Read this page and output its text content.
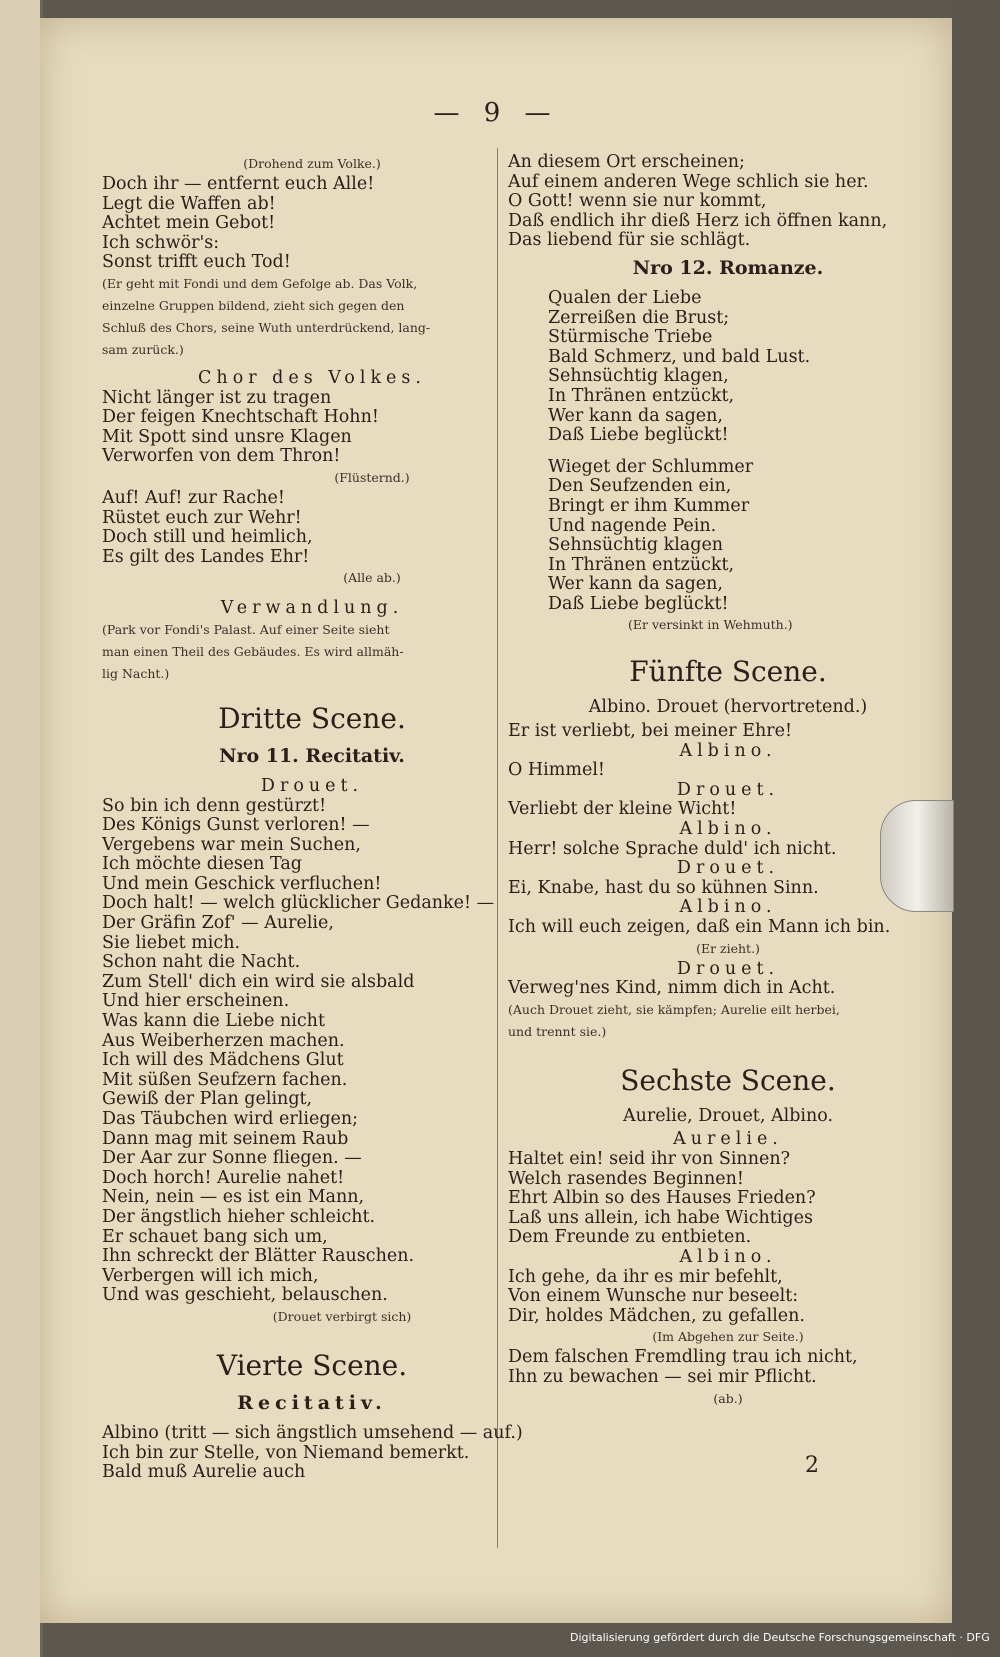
— 9 —
(Drohend zum Volke.)
Doch ihr — entfernt euch Alle!
Legt die Waffen ab!
Achtet mein Gebot!
Ich schwör's:
Sonst trifft euch Tod!
(Er geht mit Fondi und dem Gefolge ab. Das Volk,
einzelne Gruppen bildend, zieht sich gegen den
Schluß des Chors, seine Wuth unterdrückend, lang-
sam zurück.)
Chor des Volkes.
Nicht länger ist zu tragen
Der feigen Knechtschaft Hohn!
Mit Spott sind unsre Klagen
Verworfen von dem Thron!
(Flüsternd.)
Auf! Auf! zur Rache!
Rüstet euch zur Wehr!
Doch still und heimlich,
Es gilt des Landes Ehr!
(Alle ab.)
Verwandlung.
(Park vor Fondi's Palast. Auf einer Seite sieht
man einen Theil des Gebäudes. Es wird allmäh-
lig Nacht.)
Dritte Scene.
Nro 11. Recitativ.
Drouet.
So bin ich denn gestürzt!
Des Königs Gunst verloren! —
Vergebens war mein Suchen,
Ich möchte diesen Tag
Und mein Geschick verfluchen!
Doch halt! — welch glücklicher Gedanke! —
Der Gräfin Zof' — Aurelie,
Sie liebet mich.
Schon naht die Nacht.
Zum Stell' dich ein wird sie alsbald
Und hier erscheinen.
Was kann die Liebe nicht
Aus Weiberherzen machen.
Ich will des Mädchens Glut
Mit süßen Seufzern fachen.
Gewiß der Plan gelingt,
Das Täubchen wird erliegen;
Dann mag mit seinem Raub
Der Aar zur Sonne fliegen. —
Doch horch! Aurelie nahet!
Nein, nein — es ist ein Mann,
Der ängstlich hieher schleicht.
Er schauet bang sich um,
Ihn schreckt der Blätter Rauschen.
Verbergen will ich mich,
Und was geschieht, belauschen.
(Drouet verbirgt sich)
Vierte Scene.
Recitativ.
Albino (tritt — sich ängstlich umsehend — auf.)
Ich bin zur Stelle, von Niemand bemerkt.
Bald muß Aurelie auch
An diesem Ort erscheinen;
Auf einem anderen Wege schlich sie her.
O Gott! wenn sie nur kommt,
Daß endlich ihr dieß Herz ich öffnen kann,
Das liebend für sie schlägt.
Nro 12. Romanze.
Qualen der Liebe
Zerreißen die Brust;
Stürmische Triebe
Bald Schmerz, und bald Lust.
Sehnsüchtig klagen,
In Thränen entzückt,
Wer kann da sagen,
Daß Liebe beglückt!
Wieget der Schlummer
Den Seufzenden ein,
Bringt er ihm Kummer
Und nagende Pein.
Sehnsüchtig klagen
In Thränen entzückt,
Wer kann da sagen,
Daß Liebe beglückt!
(Er versinkt in Wehmuth.)
Fünfte Scene.
Albino. Drouet (hervortretend.)
Er ist verliebt, bei meiner Ehre!
Albino.
O Himmel!
Drouet.
Verliebt der kleine Wicht!
Albino.
Herr! solche Sprache duld' ich nicht.
Drouet.
Ei, Knabe, hast du so kühnen Sinn.
Albino.
Ich will euch zeigen, daß ein Mann ich bin.
(Er zieht.)
Drouet.
Verweg'nes Kind, nimm dich in Acht.
(Auch Drouet zieht, sie kämpfen; Aurelie eilt herbei,
und trennt sie.)
Sechste Scene.
Aurelie, Drouet, Albino.
Aurelie.
Haltet ein! seid ihr von Sinnen?
Welch rasendes Beginnen!
Ehrt Albin so des Hauses Frieden?
Laß uns allein, ich habe Wichtiges
Dem Freunde zu entbieten.
Albino.
Ich gehe, da ihr es mir befehlt,
Von einem Wunsche nur beseelt:
Dir, holdes Mädchen, zu gefallen.
(Im Abgehen zur Seite.)
Dem falschen Fremdling trau ich nicht,
Ihn zu bewachen — sei mir Pflicht.
(ab.)
2
Digitalisierung gefördert durch die Deutsche Forschungsgemeinschaft · DFG
